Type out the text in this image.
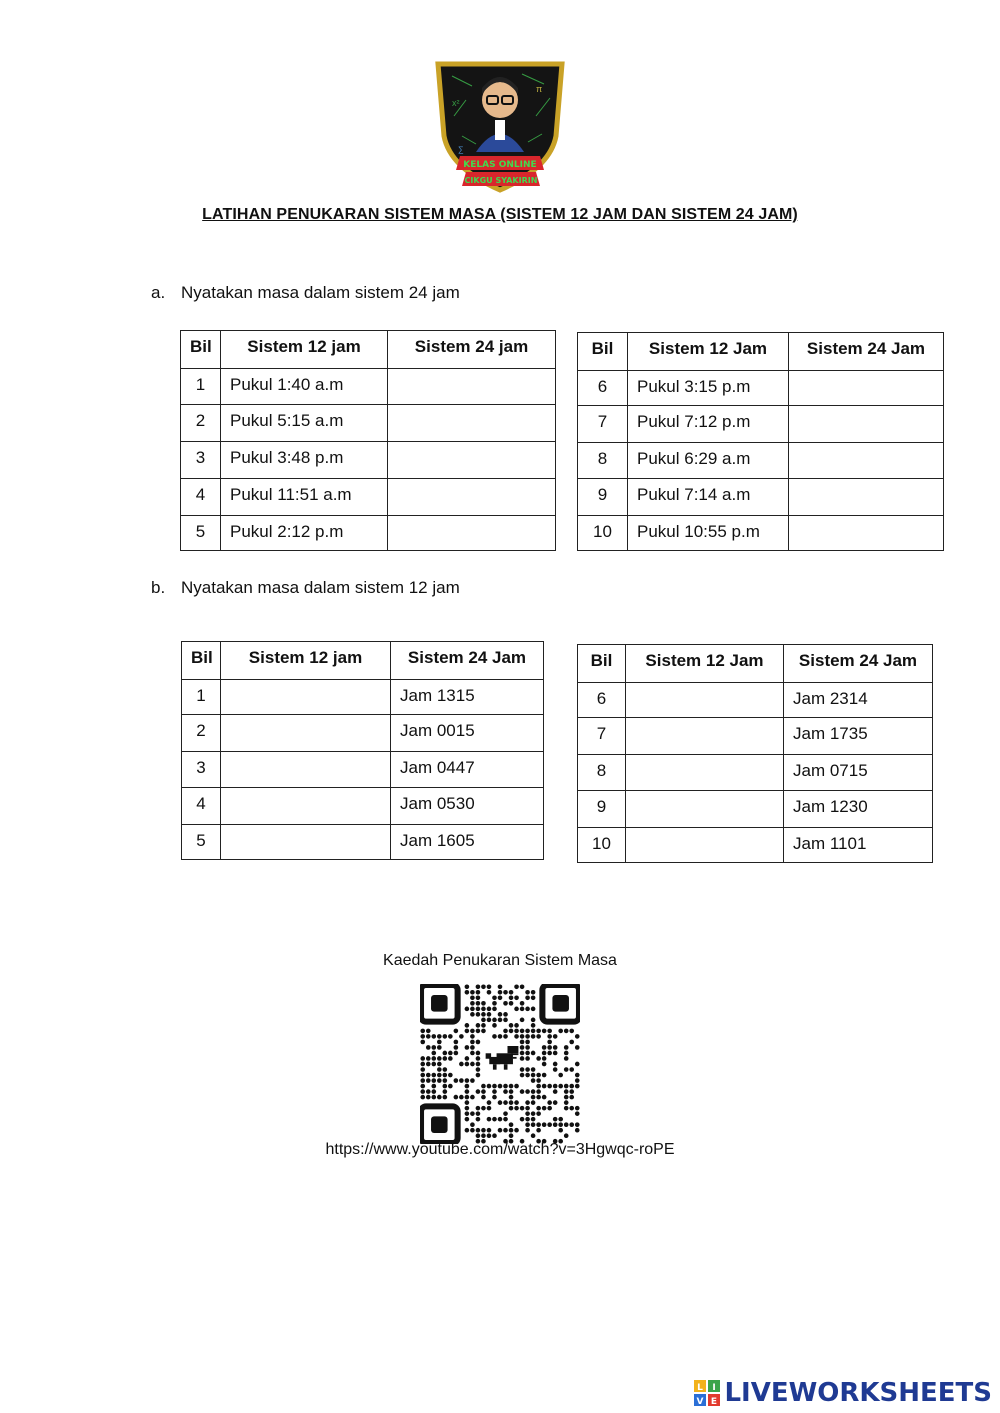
x²
π
∑
KELAS ONLINE
CIKGU SYAKIRIN
LATIHAN PENUKARAN SISTEM MASA (SISTEM 12 JAM DAN SISTEM 24 JAM)
a. Nyatakan masa dalam sistem 24 jam
Bil	Sistem 12 jam	Sistem 24 jam
1	Pukul 1:40 a.m	
2	Pukul 5:15 a.m	
3	Pukul 3:48 p.m	
4	Pukul 11:51 a.m	
5	Pukul 2:12 p.m	
Bil	Sistem 12 Jam	Sistem 24 Jam
6	Pukul 3:15 p.m	
7	Pukul 7:12 p.m	
8	Pukul 6:29 a.m	
9	Pukul 7:14 a.m	
10	Pukul 10:55 p.m	
b. Nyatakan masa dalam sistem 12 jam
Bil	Sistem 12 jam	Sistem 24 Jam
1		Jam 1315
2		Jam 0015
3		Jam 0447
4		Jam 0530
5		Jam 1605
Bil	Sistem 12 Jam	Sistem 24 Jam
6		Jam 2314
7		Jam 1735
8		Jam 0715
9		Jam 1230
10		Jam 1101
Kaedah Penukaran Sistem Masa
https://www.youtube.com/watch?v=3Hgwqc-roPE
L I
V E LIVEWORKSHEETS
